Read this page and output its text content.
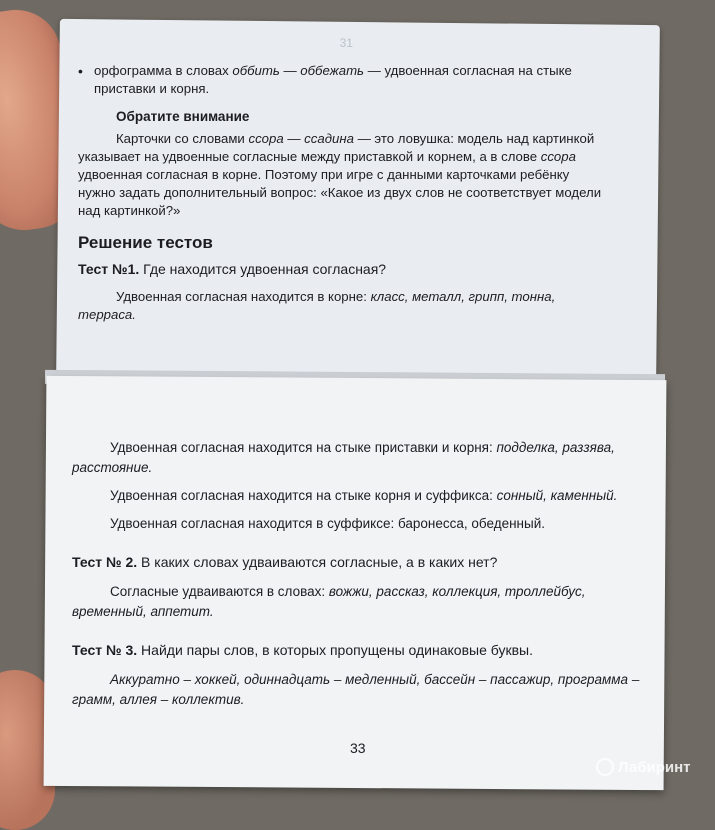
31
• орфограмма в словах оббить — оббежать — удвоенная согласная на стыке приставки и корня.

Обратите внимание

Карточки со словами ссора — ссадина — это ловушка: модель над картинкой указывает на удвоенные согласные между приставкой и корнем, а в слове ссора удвоенная согласная в корне. Поэтому при игре с данными карточками ребёнку нужно задать дополнительный вопрос: «Какое из двух слов не соответствует модели над картинкой?»

Решение тестов

Тест №1. Где находится удвоенная согласная?

Удвоенная согласная находится в корне: класс, металл, грипп, тонна, терраса.

Удвоенная согласная находится на стыке приставки и корня: подделка, раззява, расстояние.

Удвоенная согласная находится на стыке корня и суффикса: сонный, каменный.

Удвоенная согласная находится в суффиксе: баронесса, обеденный.

Тест № 2. В каких словах удваиваются согласные, а в каких нет?

Согласные удваиваются в словах: вожжи, рассказ, коллекция, троллейбус, временный, аппетит.

Тест № 3. Найди пары слов, в которых пропущены одинаковые буквы.

Аккуратно – хоккей, одиннадцать – медленный, бассейн – пассажир, программа – грамм, аллея – коллектив.

33
Лабиринт
